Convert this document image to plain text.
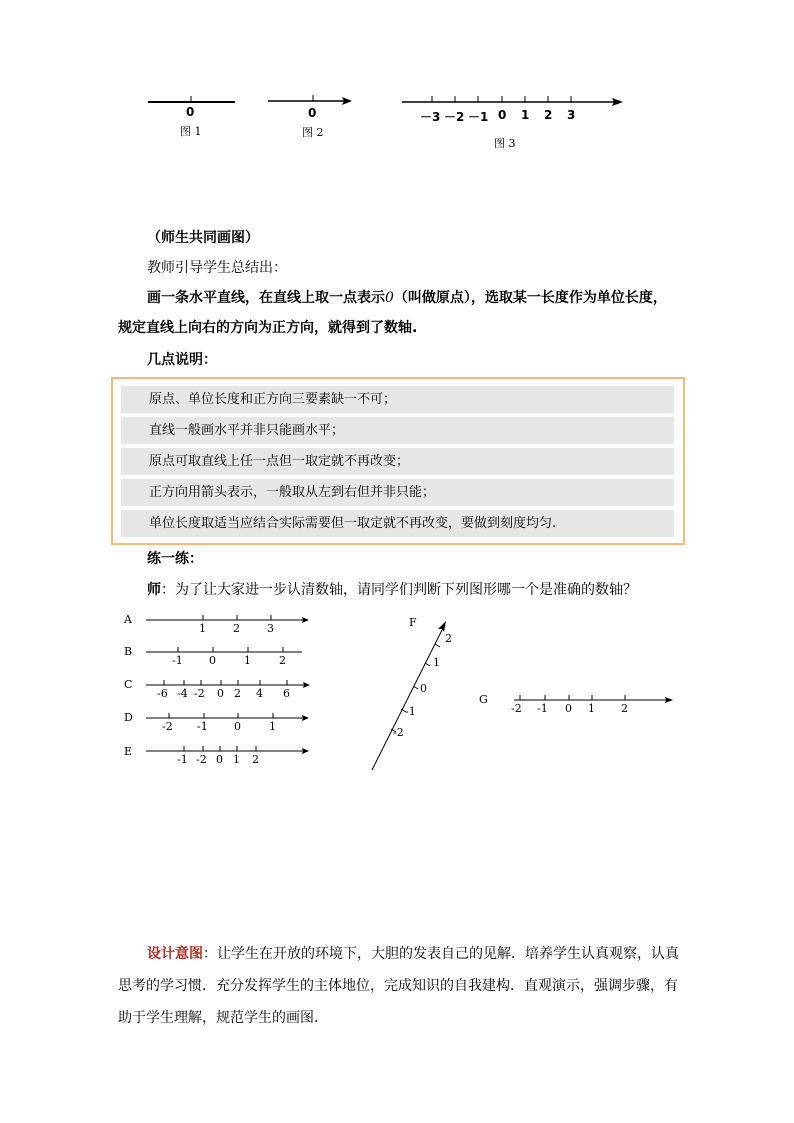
0
图 1
0
图 2
－3 －2 －1 0 1 2 3
图 3
（师生共同画图）
教师引导学生总结出：
画一条水平直线，在直线上取一点表示0（叫做原点），选取某一长度作为单位长度，
规定直线上向右的方向为正方向，就得到了数轴.
几点说明：
原点、单位长度和正方向三要素缺一不可；
直线一般画水平并非只能画水平；
原点可取直线上任一点但一取定就不再改变；
正方向用箭头表示，一般取从左到右但并非只能；
单位长度取适当应结合实际需要但一取定就不再改变，要做到刻度均匀.
练一练：
师：为了让大家进一步认清数轴，请同学们判断下列图形哪一个是准确的数轴？
A
1 2 3
B
-1 0	1	2
C
-6 -4 -2 0 2 4 6
D
-2 -1 0	1
E
-1 -2 0 1 2
F
2
1
0
-1
-2
G
-2 -1 0 1 2
设计意图：让学生在开放的环境下，大胆的发表自己的见解．培养学生认真观察，认真
思考的学习惯．充分发挥学生的主体地位，完成知识的自我建构．直观演示，强调步骤，有
助于学生理解，规范学生的画图.
